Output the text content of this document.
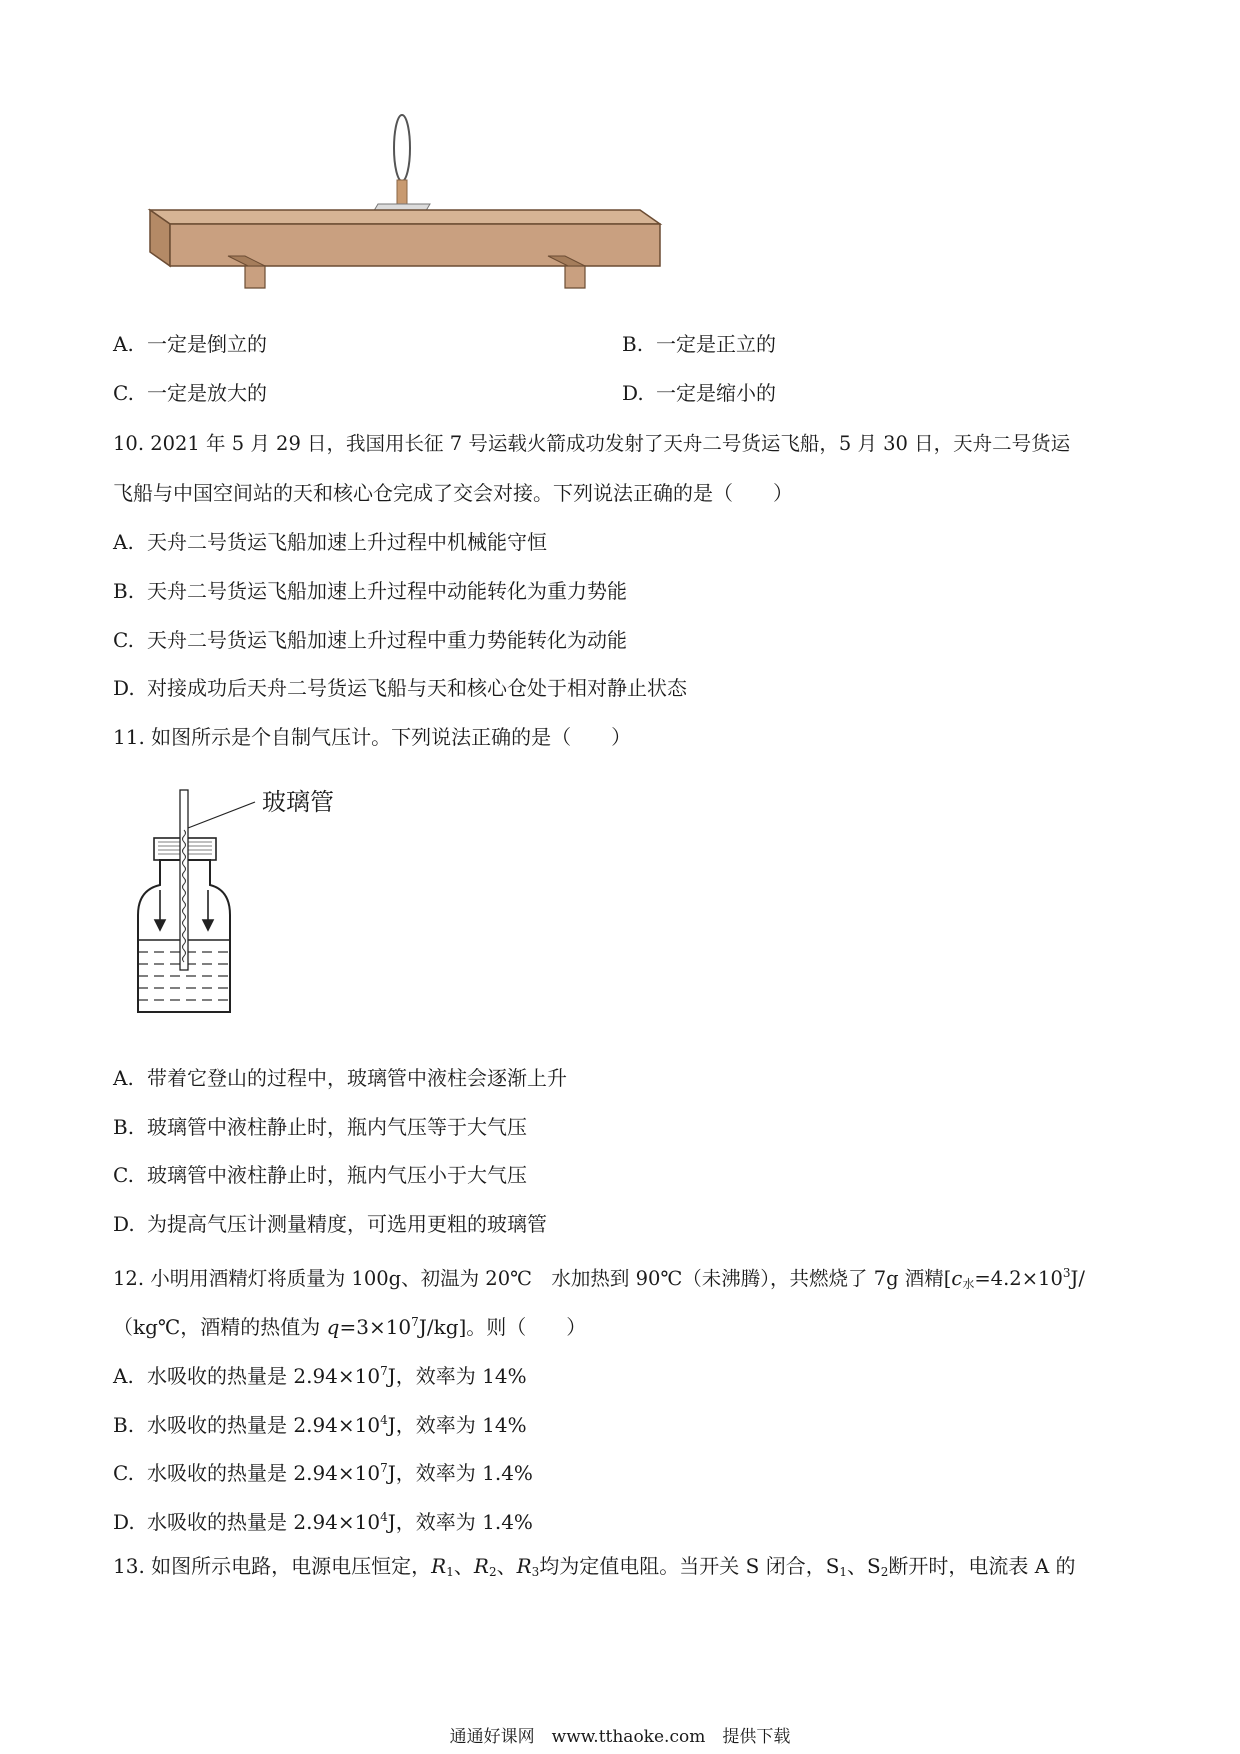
A. 一定是倒立的	B. 一定是正立的
C. 一定是放大的	D. 一定是缩小的
10. 2021 年 5 月 29 日，我国用长征 7 号运载火箭成功发射了天舟二号货运飞船，5 月 30 日，天舟二号货运
飞船与中国空间站的天和核心仓完成了交会对接。下列说法正确的是（　　）
A. 天舟二号货运飞船加速上升过程中机械能守恒
B. 天舟二号货运飞船加速上升过程中动能转化为重力势能
C. 天舟二号货运飞船加速上升过程中重力势能转化为动能
D. 对接成功后天舟二号货运飞船与天和核心仓处于相对静止状态
11. 如图所示是个自制气压计。下列说法正确的是（　　）
玻璃管
A. 带着它登山的过程中，玻璃管中液柱会逐渐上升
B. 玻璃管中液柱静止时，瓶内气压等于大气压
C. 玻璃管中液柱静止时，瓶内气压小于大气压
D. 为提高气压计测量精度，可选用更粗的玻璃管
12. 小明用酒精灯将质量为 100g、初温为 20℃　水加热到 90℃（未沸腾），共燃烧了 7g 酒精[$c_水=4.2\times 10^3J/$
（kg℃，酒精的热值为 $q=3\times 10^7J/kg$]。则（　　）
A. 水吸收的热量是 $2.94\times 10^7J$，效率为 14%
B. 水吸收的热量是 $2.94\times 10^4J$，效率为 14%
C. 水吸收的热量是 $2.94\times 10^7J$，效率为 1.4%
D. 水吸收的热量是 $2.94\times 10^4J$，效率为 1.4%
13. 如图所示电路，电源电压恒定，$R_1$、$R_2$、$R_3$均为定值电阻。当开关 S 闭合，$S_1$、$S_2$断开时，电流表 A 的
通通好课网　www.tthaoke.com　提供下载
